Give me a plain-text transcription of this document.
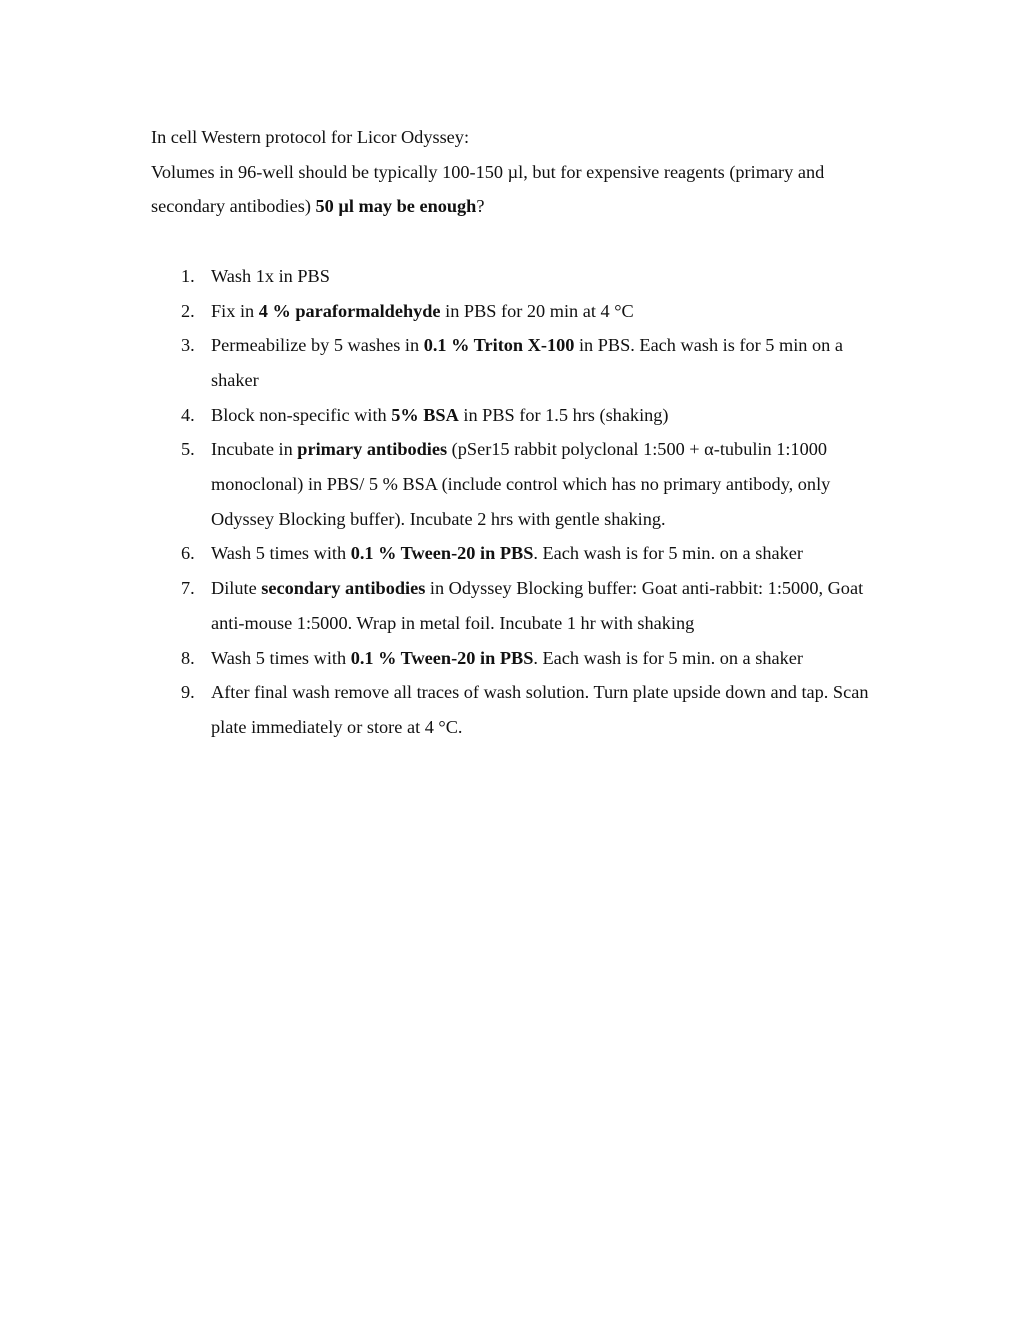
In cell Western protocol for Licor Odyssey:

Volumes in 96-well should be typically 100-150 µl, but for expensive reagents (primary and secondary antibodies) 50 µl may be enough?

1. Wash 1x in PBS
2. Fix in 4 % paraformaldehyde in PBS for 20 min at 4 °C
3. Permeabilize by 5 washes in 0.1 % Triton X-100 in PBS. Each wash is for 5 min on a shaker
4. Block non-specific with 5% BSA in PBS for 1.5 hrs (shaking)
5. Incubate in primary antibodies (pSer15 rabbit polyclonal 1:500 + α-tubulin 1:1000 monoclonal) in PBS/ 5 % BSA (include control which has no primary antibody, only Odyssey Blocking buffer). Incubate 2 hrs with gentle shaking.
6. Wash 5 times with 0.1 % Tween-20 in PBS. Each wash is for 5 min. on a shaker
7. Dilute secondary antibodies in Odyssey Blocking buffer: Goat anti-rabbit: 1:5000, Goat anti-mouse 1:5000. Wrap in metal foil. Incubate 1 hr with shaking
8. Wash 5 times with 0.1 % Tween-20 in PBS. Each wash is for 5 min. on a shaker
9. After final wash remove all traces of wash solution. Turn plate upside down and tap. Scan plate immediately or store at 4 °C.
